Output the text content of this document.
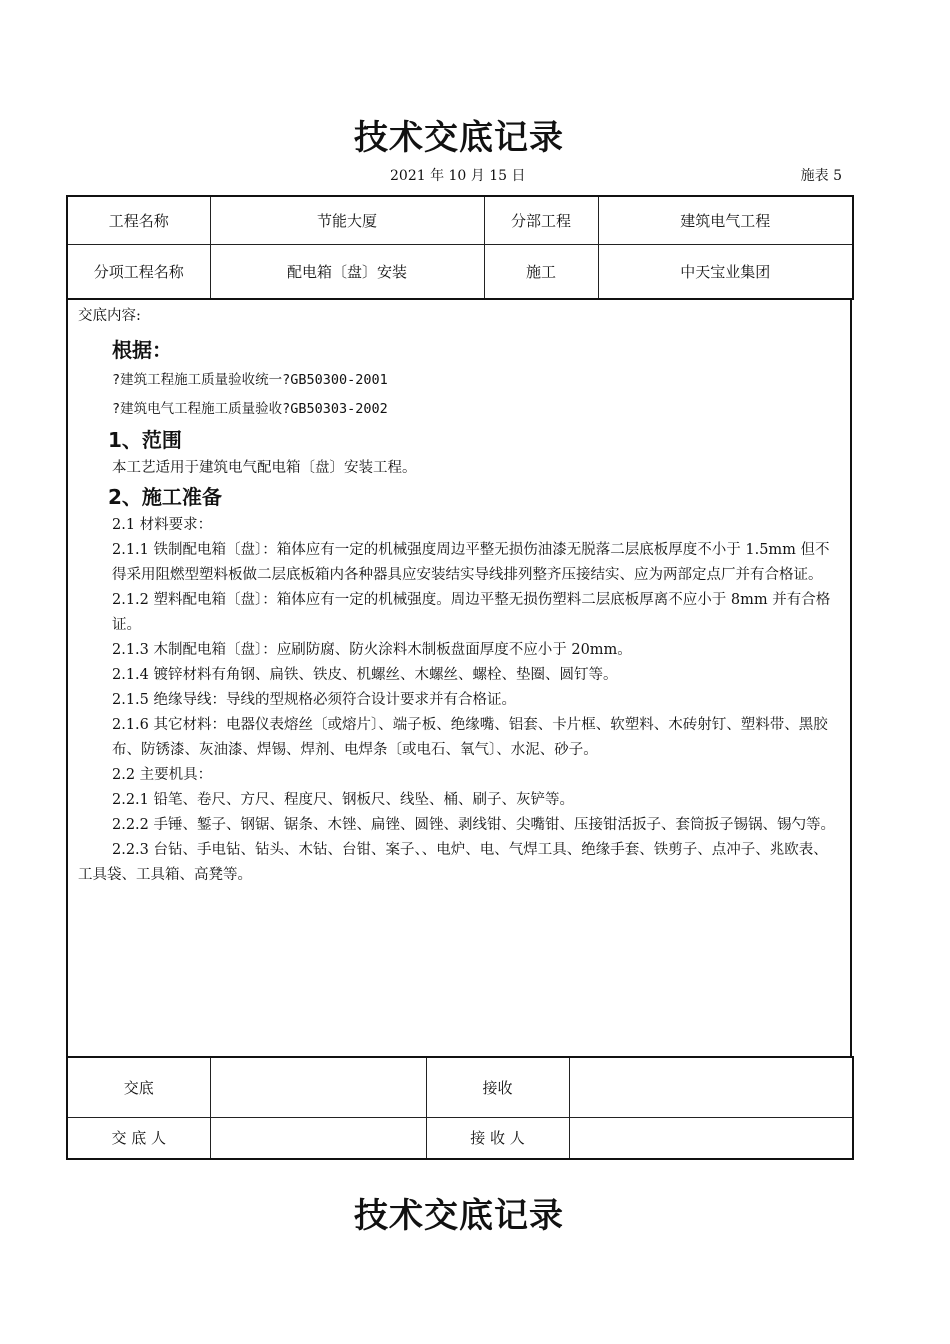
技术交底记录
2021 年 10 月 15 日	施表 5
工程名称	节能大厦	分部工程	建筑电气工程
分项工程名称	配电箱〔盘〕安装	施工	中天宝业集团
交底内容:
根据：
?建筑工程施工质量验收统一?GB50300-2001
?建筑电气工程施工质量验收?GB50303-2002
1、范围
本工艺适用于建筑电气配电箱〔盘〕安装工程。
2、施工准备
2.1 材料要求：
2.1.1 铁制配电箱〔盘〕：箱体应有一定的机械强度周边平整无损伤油漆无脱落二层底板厚度不小于 1.5mm 但不得采用阻燃型塑料板做二层底板箱内各种器具应安装结实导线排列整齐压接结实、应为两部定点厂并有合格证。
2.1.2 塑料配电箱〔盘〕：箱体应有一定的机械强度。周边平整无损伤塑料二层底板厚离不应小于 8mm 并有合格证。
2.1.3 木制配电箱〔盘〕：应刷防腐、防火涂料木制板盘面厚度不应小于 20mm。
2.1.4 镀锌材料有角钢、扁铁、铁皮、机螺丝、木螺丝、螺栓、垫圈、圆钉等。
2.1.5 绝缘导线：导线的型规格必须符合设计要求并有合格证。
2.1.6 其它材料：电器仪表熔丝〔或熔片〕、端子板、绝缘嘴、铝套、卡片框、软塑料、木砖射钉、塑料带、黑胶布、防锈漆、灰油漆、焊锡、焊剂、电焊条〔或电石、氧气〕、水泥、砂子。
2.2 主要机具：
2.2.1 铅笔、卷尺、方尺、程度尺、钢板尺、线坠、桶、刷子、灰铲等。
2.2.2 手锤、錾子、钢锯、锯条、木锉、扁锉、圆锉、剥线钳、尖嘴钳、压接钳活扳子、套筒扳子锡锅、锡勺等。
2.2.3 台钻、手电钻、钻头、木钻、台钳、案子、、电炉、电、气焊工具、绝缘手套、铁剪子、点冲子、兆欧表、工具袋、工具箱、高凳等。
交底		接收	
交 底 人		接 收 人	
技术交底记录
